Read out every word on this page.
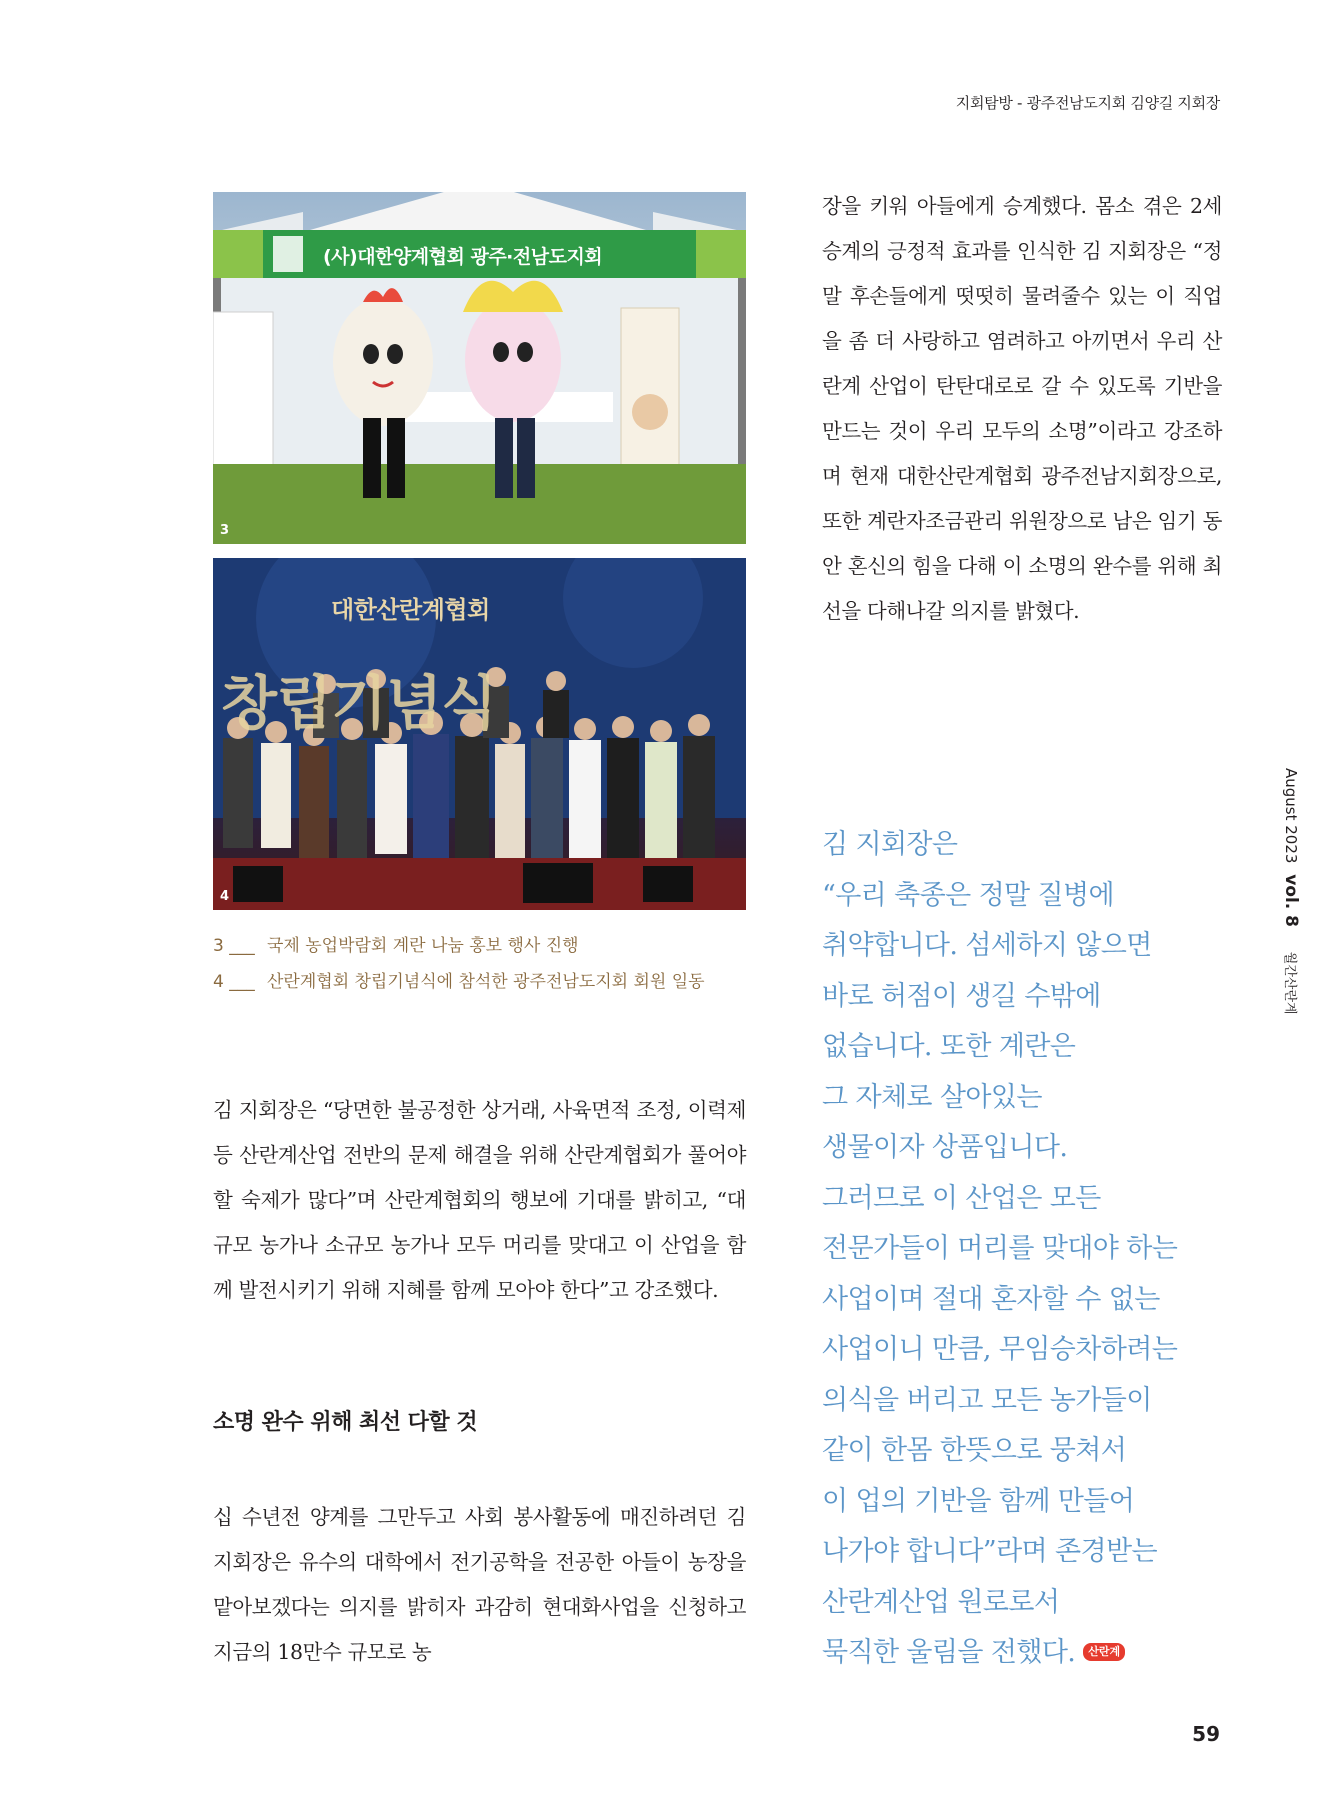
지회탐방 - 광주전남도지회 김양길 지회장
(사)대한양계협회 광주·전남도지회
3
대한산란계협회
창립기념식
4
3 ___ 국제 농업박람회 계란 나눔 홍보 행사 진행
4 ___ 산란계협회 창립기념식에 참석한 광주전남도지회 회원 일동
김 지회장은 “당면한 불공정한 상거래, 사육면적 조정, 이력제 등 산란계산업 전반의 문제 해결을 위해 산란계협회가 풀어야 할 숙제가 많다”며 산란계협회의 행보에 기대를 밝히고, “대규모 농가나 소규모 농가나 모두 머리를 맞대고 이 산업을 함께 발전시키기 위해 지혜를 함께 모아야 한다”고 강조했다.
소명 완수 위해 최선 다할 것
십 수년전 양계를 그만두고 사회 봉사활동에 매진하려던 김 지회장은 유수의 대학에서 전기공학을 전공한 아들이 농장을 맡아보겠다는 의지를 밝히자 과감히 현대화사업을 신청하고 지금의 18만수 규모로 농
장을 키워 아들에게 승계했다. 몸소 겪은 2세 승계의 긍정적 효과를 인식한 김 지회장은 “정말 후손들에게 떳떳히 물려줄수 있는 이 직업을 좀 더 사랑하고 염려하고 아끼면서 우리 산란계 산업이 탄탄대로로 갈 수 있도록 기반을 만드는 것이 우리 모두의 소명”이라고 강조하며 현재 대한산란계협회 광주전남지회장으로, 또한 계란자조금관리 위원장으로 남은 임기 동안 혼신의 힘을 다해 이 소명의 완수를 위해 최선을 다해나갈 의지를 밝혔다.
김 지회장은
“우리 축종은 정말 질병에
취약합니다. 섬세하지 않으면
바로 허점이 생길 수밖에
없습니다. 또한 계란은
그 자체로 살아있는
생물이자 상품입니다.
그러므로 이 산업은 모든
전문가들이 머리를 맞대야 하는
사업이며 절대 혼자할 수 없는
사업이니 만큼, 무임승차하려는
의식을 버리고 모든 농가들이
같이 한몸 한뜻으로 뭉쳐서
이 업의 기반을 함께 만들어
나가야 합니다”라며 존경받는
산란계산업 원로로서
묵직한 울림을 전했다. 산란계
August 2023 vol. 8 월간산란계
59
